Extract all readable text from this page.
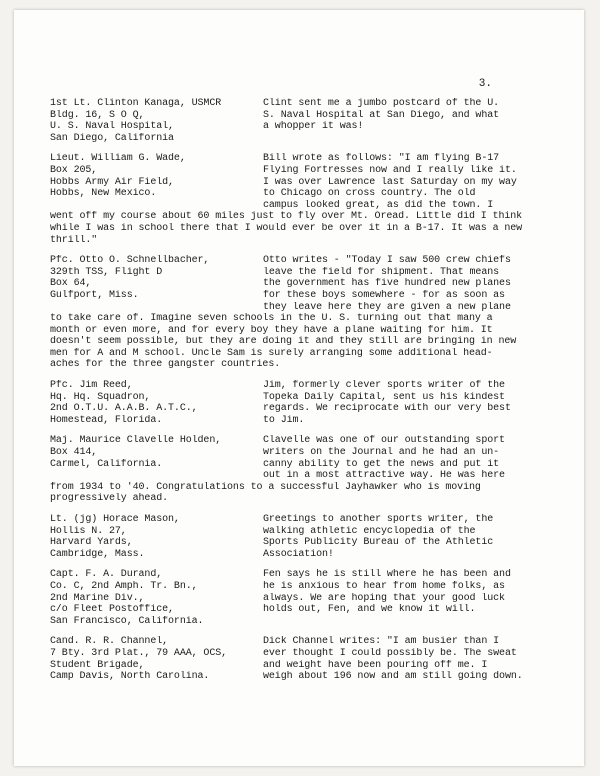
3.
1st Lt. Clinton Kanaga, USMCR	Clint sent me a jumbo postcard of the U.
Bldg. 16, S O Q,	S. Naval Hospital at San Diego, and what
U. S. Naval Hospital,	a whopper it was!
San Diego, California
Lieut. William G. Wade,	Bill wrote as follows: "I am flying B-17
Box 205,	Flying Fortresses now and I really like it.
Hobbs Army Air Field,	I was over Lawrence last Saturday on my way
Hobbs, New Mexico.	to Chicago on cross country. The old
campus looked great, as did the town. I
went off my course about 60 miles just to fly over Mt. Oread. Little did I think
while I was in school there that I would ever be over it in a B-17. It was a new
thrill."
Pfc. Otto O. Schnellbacher,	Otto writes - "Today I saw 500 crew chiefs
329th TSS, Flight D	leave the field for shipment. That means
Box 64,	the government has five hundred new planes
Gulfport, Miss.	for these boys somewhere - for as soon as
they leave here they are given a new plane
to take care of. Imagine seven schools in the U. S. turning out that many a
month or even more, and for every boy they have a plane waiting for him. It
doesn't seem possible, but they are doing it and they still are bringing in new
men for A and M school. Uncle Sam is surely arranging some additional head-
aches for the three gangster countries.
Pfc. Jim Reed,	Jim, formerly clever sports writer of the
Hq. Hq. Squadron,	Topeka Daily Capital, sent us his kindest
2nd O.T.U. A.A.B. A.T.C.,	regards. We reciprocate with our very best
Homestead, Florida.	to Jim.
Maj. Maurice Clavelle Holden,	Clavelle was one of our outstanding sport
Box 414,	writers on the Journal and he had an un-
Carmel, California.	canny ability to get the news and put it
out in a most attractive way. He was here
from 1934 to '40. Congratulations to a successful Jayhawker who is moving
progressively ahead.
Lt. (jg) Horace Mason,	Greetings to another sports writer, the
Hollis N. 27,	walking athletic encyclopedia of the
Harvard Yards,	Sports Publicity Bureau of the Athletic
Cambridge, Mass.	Association!
Capt. F. A. Durand,	Fen says he is still where he has been and
Co. C, 2nd Amph. Tr. Bn.,	he is anxious to hear from home folks, as
2nd Marine Div.,	always. We are hoping that your good luck
c/o Fleet Postoffice,	holds out, Fen, and we know it will.
San Francisco, California.
Cand. R. R. Channel,	Dick Channel writes: "I am busier than I
7 Bty. 3rd Plat., 79 AAA, OCS,	ever thought I could possibly be. The sweat
Student Brigade,	and weight have been pouring off me. I
Camp Davis, North Carolina.	weigh about 196 now and am still going down.
